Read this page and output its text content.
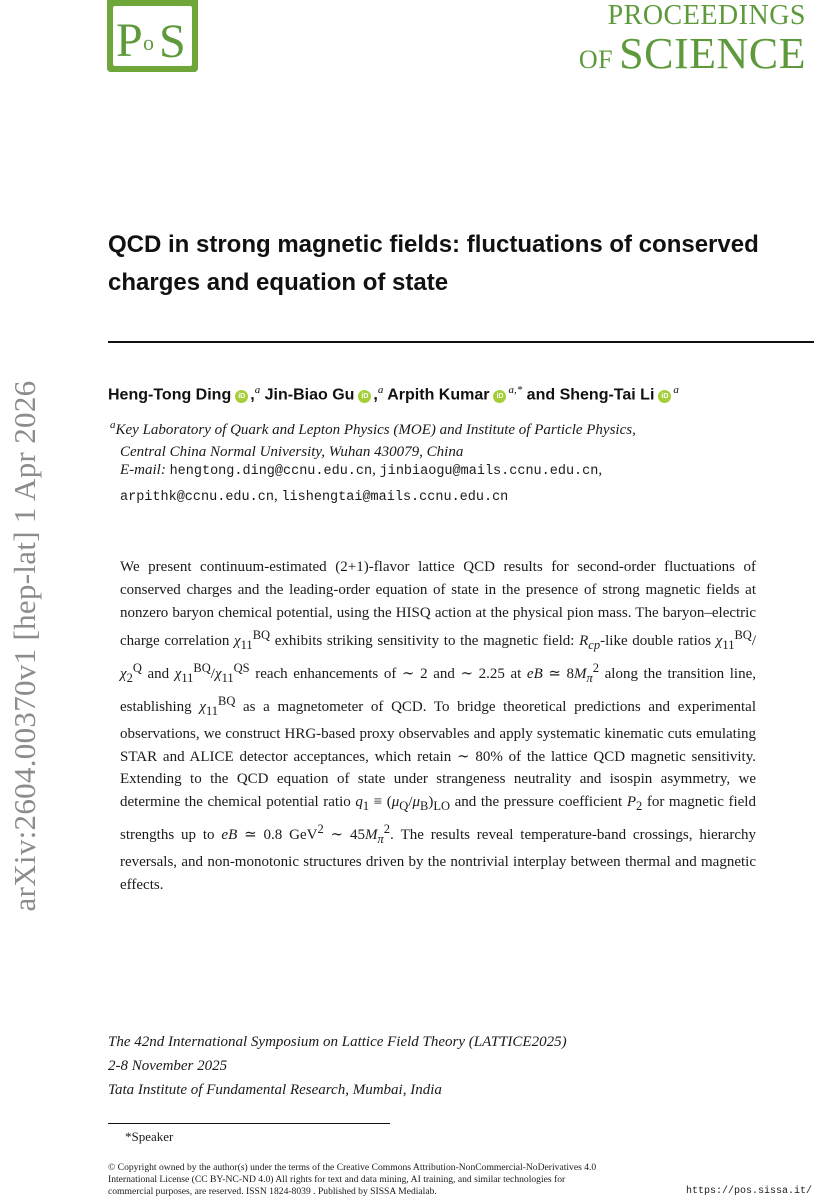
P o S	PROCEEDINGS
OF SCIENCE
arXiv:2604.00370v1 [hep-lat] 1 Apr 2026
QCD in strong magnetic fields: fluctuations of conserved charges and equation of state
Heng-Tong Ding iD ,$^a$ Jin-Biao Gu iD ,$^a$ Arpith Kumar $iD^{a,*}$ and Sheng-Tai Li $iD^a$
$^a$Key Laboratory of Quark and Lepton Physics (MOE) and Institute of Particle Physics,
Central China Normal University, Wuhan 430079, China
E-mail: hengtong.ding@ccnu.edu.cn, jinbiaogu@mails.ccnu.edu.cn,
arpithk@ccnu.edu.cn, lishengtai@mails.ccnu.edu.cn

We present continuum-estimated (2+1)-flavor lattice QCD results for second-order fluctuations of conserved charges and the leading-order equation of state in the presence of strong magnetic fields at nonzero baryon chemical potential, using the HISQ action at the physical pion mass. The baryon–electric charge correlation $\chi_{11}^{BQ}$ exhibits striking sensitivity to the magnetic field: $R_{cp}$-like double ratios $\chi_{11}^{BQ}/\chi_2^Q$ and $\chi_{11}^{BQ}/\chi_{11}^{QS}$ reach enhancements of ∼ 2 and ∼ 2.25 at eB ≃ $8M_\pi^2$ along the transition line, establishing $\chi_{11}^{BQ}$ as a magnetometer of QCD. To bridge theoretical predictions and experimental observations, we construct HRG-based proxy observables and apply systematic kinematic cuts emulating STAR and ALICE detector acceptances, which retain ∼ 80% of the lattice QCD magnetic sensitivity. Extending to the QCD equation of state under strangeness neutrality and isospin asymmetry, we determine the chemical potential ratio $q_1 \equiv (\mu_Q/\mu_B)_{LO}$ and the pressure coefficient $P_2$ for magnetic field strengths up to eB ≃ 0.8 GeV$^2$ ∼ $45M_\pi^2$. The results reveal temperature-band crossings, hierarchy reversals, and non-monotonic structures driven by the nontrivial interplay between thermal and magnetic effects.

The 42nd International Symposium on Lattice Field Theory (LATTICE2025)
2-8 November 2025
Tata Institute of Fundamental Research, Mumbai, India
*Speaker
© Copyright owned by the author(s) under the terms of the Creative Commons Attribution-NonCommercial-NoDerivatives 4.0 International License (CC BY-NC-ND 4.0) All rights for text and data mining, AI training, and similar technologies for commercial purposes, are reserved. ISSN 1824-8039 . Published by SISSA Medialab.	https://pos.sissa.it/
